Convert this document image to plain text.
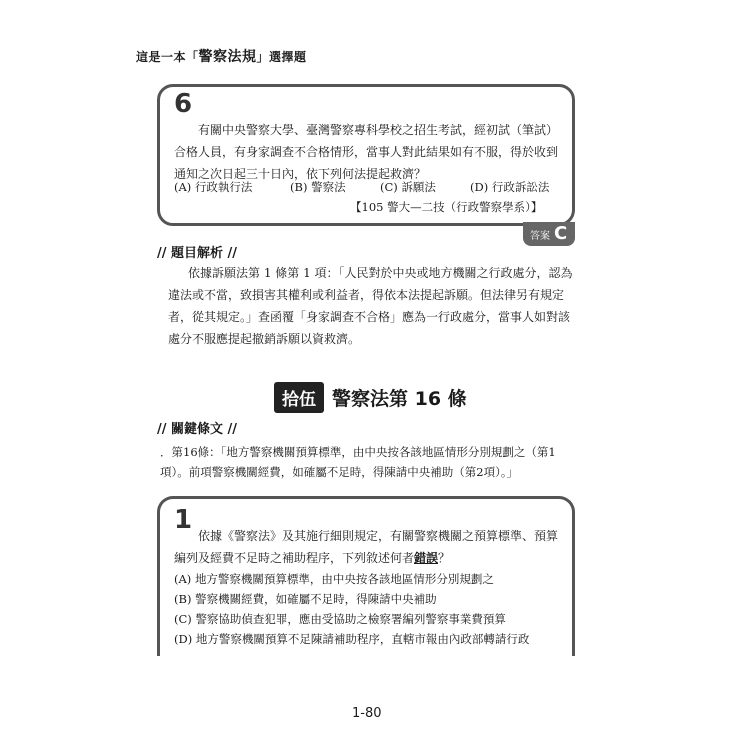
這是一本「警察法規」選擇題
6
有關中央警察大學、臺灣警察專科學校之招生考試，經初試（筆試）合格人員，有身家調查不合格情形，當事人對此結果如有不服，得於收到通知之次日起三十日內，依下列何法提起救濟？
(A) 行政執行法	(B) 警察法	(C) 訴願法	(D) 行政訴訟法
【105 警大—二技（行政警察學系）】
答案 C
// 題目解析 //
依據訴願法第 1 條第 1 項：「人民對於中央或地方機關之行政處分，認為違法或不當，致損害其權利或利益者，得依本法提起訴願。但法律另有規定者，從其規定。」查函覆「身家調查不合格」應為一行政處分，當事人如對該處分不服應提起撤銷訴願以資救濟。
拾伍 警察法第 16 條
// 關鍵條文 //
．第16條：「地方警察機關預算標準，由中央按各該地區情形分別規劃之（第1項）。前項警察機關經費，如確屬不足時，得陳請中央補助（第2項）。」
1
依據《警察法》及其施行細則規定，有關警察機關之預算標準、預算編列及經費不足時之補助程序，下列敘述何者錯誤？
(A) 地方警察機關預算標準，由中央按各該地區情形分別規劃之
(B) 警察機關經費，如確屬不足時，得陳請中央補助
(C) 警察協助偵查犯罪，應由受協助之檢察署編列警察事業費預算
(D) 地方警察機關預算不足陳請補助程序，直轄市報由內政部轉請行政
1-80
